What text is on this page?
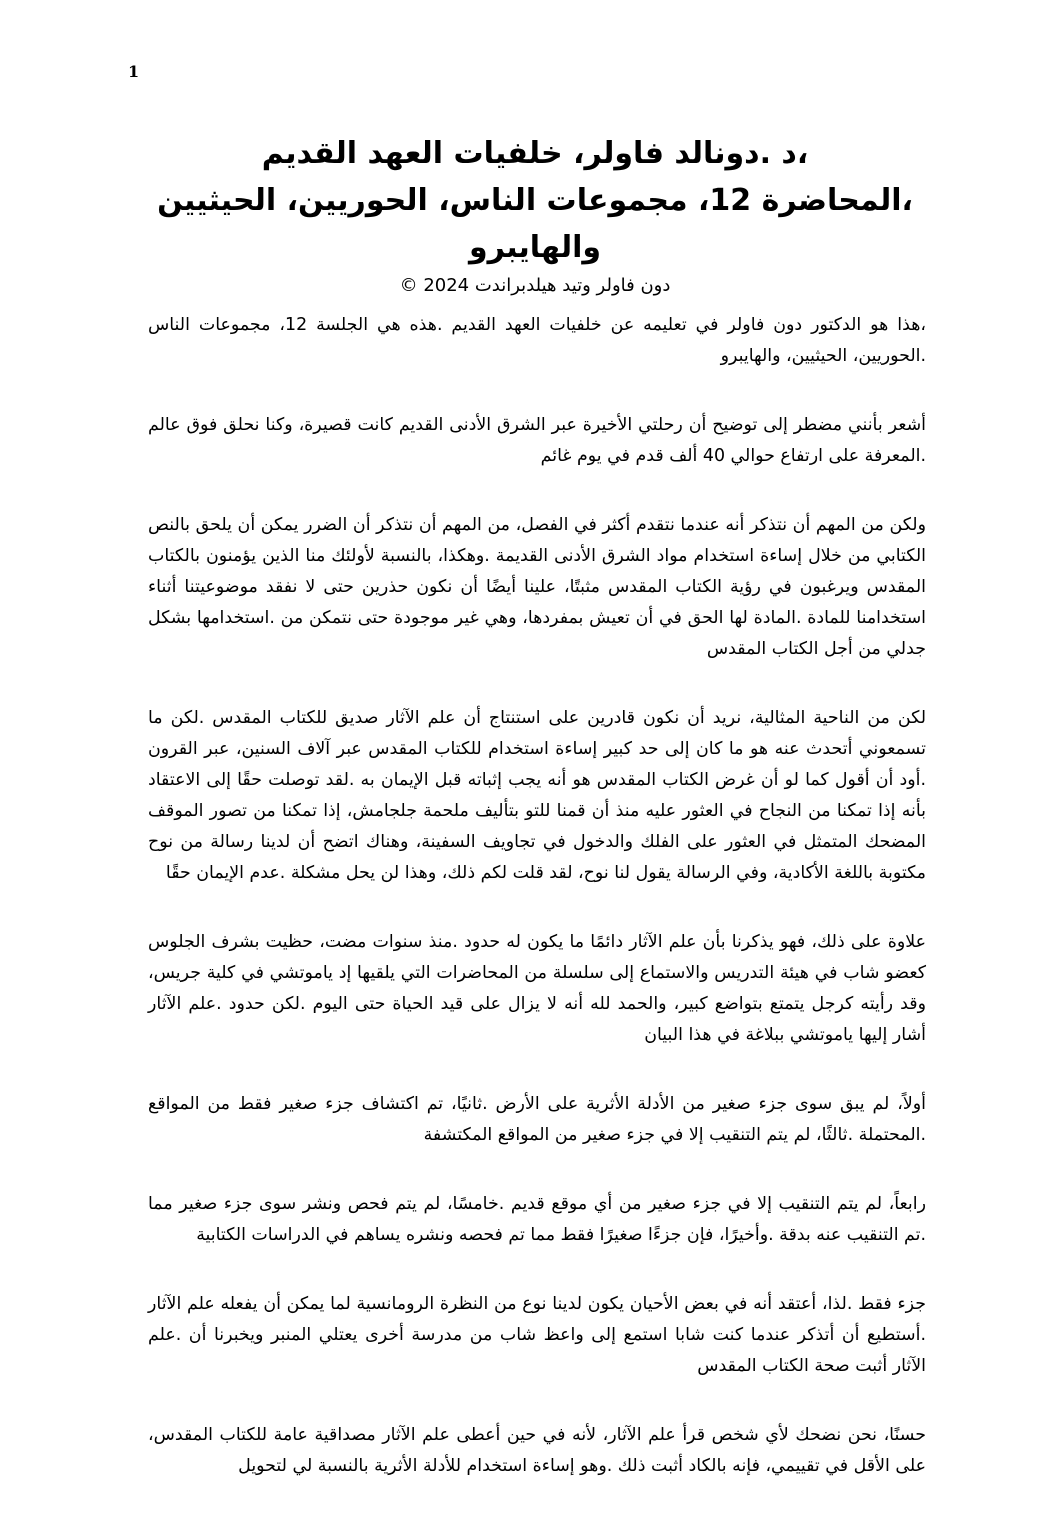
1
،د .دونالد فاولر، خلفيات العهد القديم
،المحاضرة 12، مجموعات الناس، الحوريين، الحيثيين
والهايبرو
دون فاولر وتيد هيلدبراندت 2024 ©

،هذا هو الدكتور دون فاولر في تعليمه عن خلفيات العهد القديم .هذه هي الجلسة 12، مجموعات الناس .الحوريين، الحيثيين، والهايبرو

أشعر بأنني مضطر إلى توضيح أن رحلتي الأخيرة عبر الشرق الأدنى القديم كانت قصيرة، وكنا نحلق فوق عالم .المعرفة على ارتفاع حوالي 40 ألف قدم في يوم غائم

ولكن من المهم أن نتذكر أنه عندما نتقدم أكثر في الفصل، من المهم أن نتذكر أن الضرر يمكن أن يلحق بالنص الكتابي من خلال إساءة استخدام مواد الشرق الأدنى القديمة .وهكذا، بالنسبة لأولئك منا الذين يؤمنون بالكتاب المقدس ويرغبون في رؤية الكتاب المقدس مثبتًا، علينا أيضًا أن نكون حذرين حتى لا نفقد موضوعيتنا أثناء استخدامنا للمادة .المادة لها الحق في أن تعيش بمفردها، وهي غير موجودة حتى نتمكن من .استخدامها بشكل جدلي من أجل الكتاب المقدس

لكن من الناحية المثالية، نريد أن نكون قادرين على استنتاج أن علم الآثار صديق للكتاب المقدس .لكن ما تسمعوني أتحدث عنه هو ما كان إلى حد كبير إساءة استخدام للكتاب المقدس عبر آلاف السنين، عبر القرون .أود أن أقول كما لو أن غرض الكتاب المقدس هو أنه يجب إثباته قبل الإيمان به .لقد توصلت حقًا إلى الاعتقاد بأنه إذا تمكنا من النجاح في العثور عليه منذ أن قمنا للتو بتأليف ملحمة جلجامش، إذا تمكنا من تصور الموقف المضحك المتمثل في العثور على الفلك والدخول في تجاويف السفينة، وهناك اتضح أن لدينا رسالة من نوح مكتوبة باللغة الأكادية، وفي الرسالة يقول لنا نوح، لقد قلت لكم ذلك، وهذا لن يحل مشكلة .عدم الإيمان حقًا

علاوة على ذلك، فهو يذكرنا بأن علم الآثار دائمًا ما يكون له حدود .منذ سنوات مضت، حظيت بشرف الجلوس كعضو شاب في هيئة التدريس والاستماع إلى سلسلة من المحاضرات التي يلقيها إد ياموتشي في كلية جريس، وقد رأيته كرجل يتمتع بتواضع كبير، والحمد لله أنه لا يزال على قيد الحياة حتى اليوم .لكن حدود .علم الآثار أشار إليها ياموتشي ببلاغة في هذا البيان

أولاً، لم يبق سوى جزء صغير من الأدلة الأثرية على الأرض .ثانيًا، تم اكتشاف جزء صغير فقط من المواقع .المحتملة .ثالثًا، لم يتم التنقيب إلا في جزء صغير من المواقع المكتشفة

رابعاً، لم يتم التنقيب إلا في جزء صغير من أي موقع قديم .خامسًا، لم يتم فحص ونشر سوى جزء صغير مما .تم التنقيب عنه بدقة .وأخيرًا، فإن جزءًا صغيرًا فقط مما تم فحصه ونشره يساهم في الدراسات الكتابية

جزء فقط .لذا، أعتقد أنه في بعض الأحيان يكون لدينا نوع من النظرة الرومانسية لما يمكن أن يفعله علم الآثار .أستطيع أن أتذكر عندما كنت شابا استمع إلى واعظ شاب من مدرسة أخرى يعتلي المنبر ويخبرنا أن .علم الآثار أثبت صحة الكتاب المقدس

حسنًا، نحن نضحك لأي شخص قرأ علم الآثار، لأنه في حين أعطى علم الآثار مصداقية عامة للكتاب المقدس، على الأقل في تقييمي، فإنه بالكاد أثبت ذلك .وهو إساءة استخدام للأدلة الأثرية بالنسبة لي لتحويل
